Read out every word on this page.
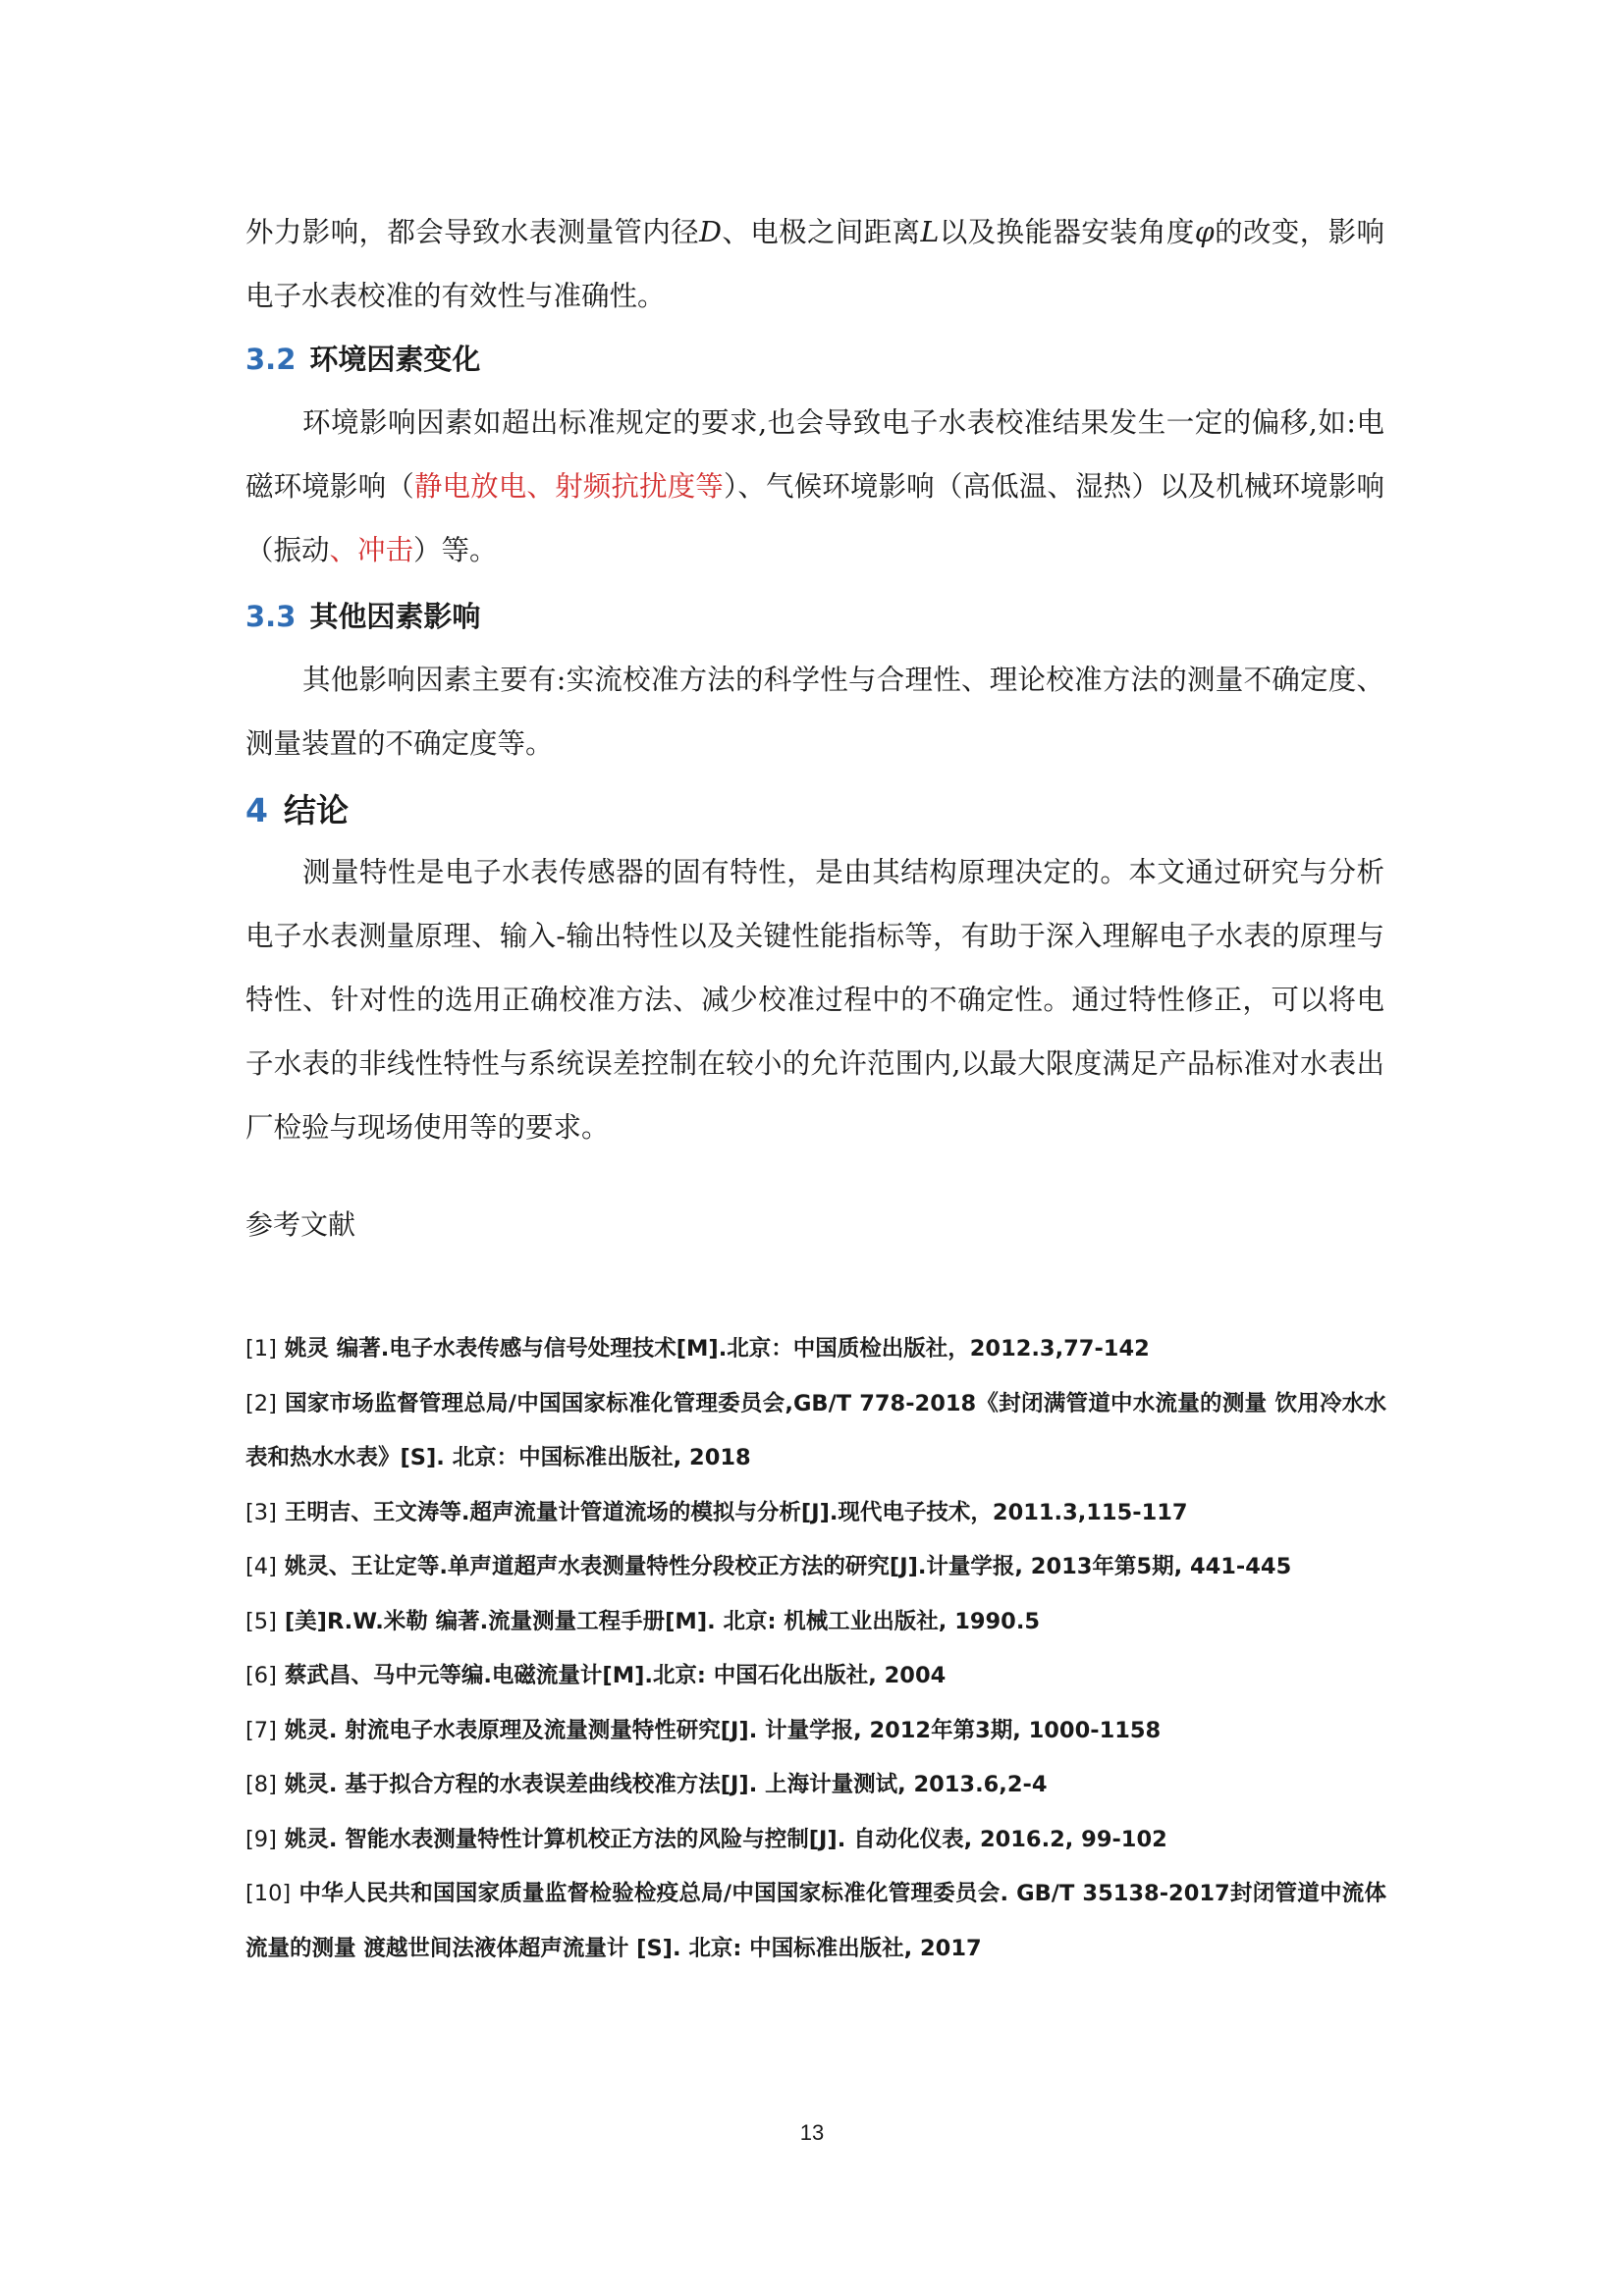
外力影响，都会导致水表测量管内径D、电极之间距离L以及换能器安装角度φ的改变，影响电子水表校准的有效性与准确性。

3.2 环境因素变化

环境影响因素如超出标准规定的要求,也会导致电子水表校准结果发生一定的偏移,如:电磁环境影响（静电放电、射频抗扰度等）、气候环境影响（高低温、湿热）以及机械环境影响（振动、冲击）等。

3.3 其他因素影响

其他影响因素主要有:实流校准方法的科学性与合理性、理论校准方法的测量不确定度、测量装置的不确定度等。

4 结论

测量特性是电子水表传感器的固有特性，是由其结构原理决定的。本文通过研究与分析电子水表测量原理、输入-输出特性以及关键性能指标等，有助于深入理解电子水表的原理与特性、针对性的选用正确校准方法、减少校准过程中的不确定性。通过特性修正，可以将电子水表的非线性特性与系统误差控制在较小的允许范围内,以最大限度满足产品标准对水表出厂检验与现场使用等的要求。

参考文献

[1] 姚灵 编著.电子水表传感与信号处理技术[M].北京：中国质检出版社，2012.3,77-142
[2] 国家市场监督管理总局/中国国家标准化管理委员会,GB/T 778-2018《封闭满管道中水流量的测量 饮用冷水水表和热水水表》[S]. 北京：中国标准出版社, 2018
[3] 王明吉、王文涛等.超声流量计管道流场的模拟与分析[J].现代电子技术，2011.3,115-117
[4] 姚灵、王让定等.单声道超声水表测量特性分段校正方法的研究[J].计量学报, 2013年第5期, 441-445
[5] [美]R.W.米勒 编著.流量测量工程手册[M]. 北京: 机械工业出版社, 1990.5
[6] 蔡武昌、马中元等编.电磁流量计[M].北京: 中国石化出版社, 2004
[7] 姚灵. 射流电子水表原理及流量测量特性研究[J]. 计量学报, 2012年第3期, 1000-1158
[8] 姚灵. 基于拟合方程的水表误差曲线校准方法[J]. 上海计量测试, 2013.6,2-4
[9] 姚灵. 智能水表测量特性计算机校正方法的风险与控制[J]. 自动化仪表, 2016.2, 99-102
[10] 中华人民共和国国家质量监督检验检疫总局/中国国家标准化管理委员会. GB/T 35138-2017封闭管道中流体流量的测量 渡越世间法液体超声流量计 [S]. 北京: 中国标准出版社, 2017

13
